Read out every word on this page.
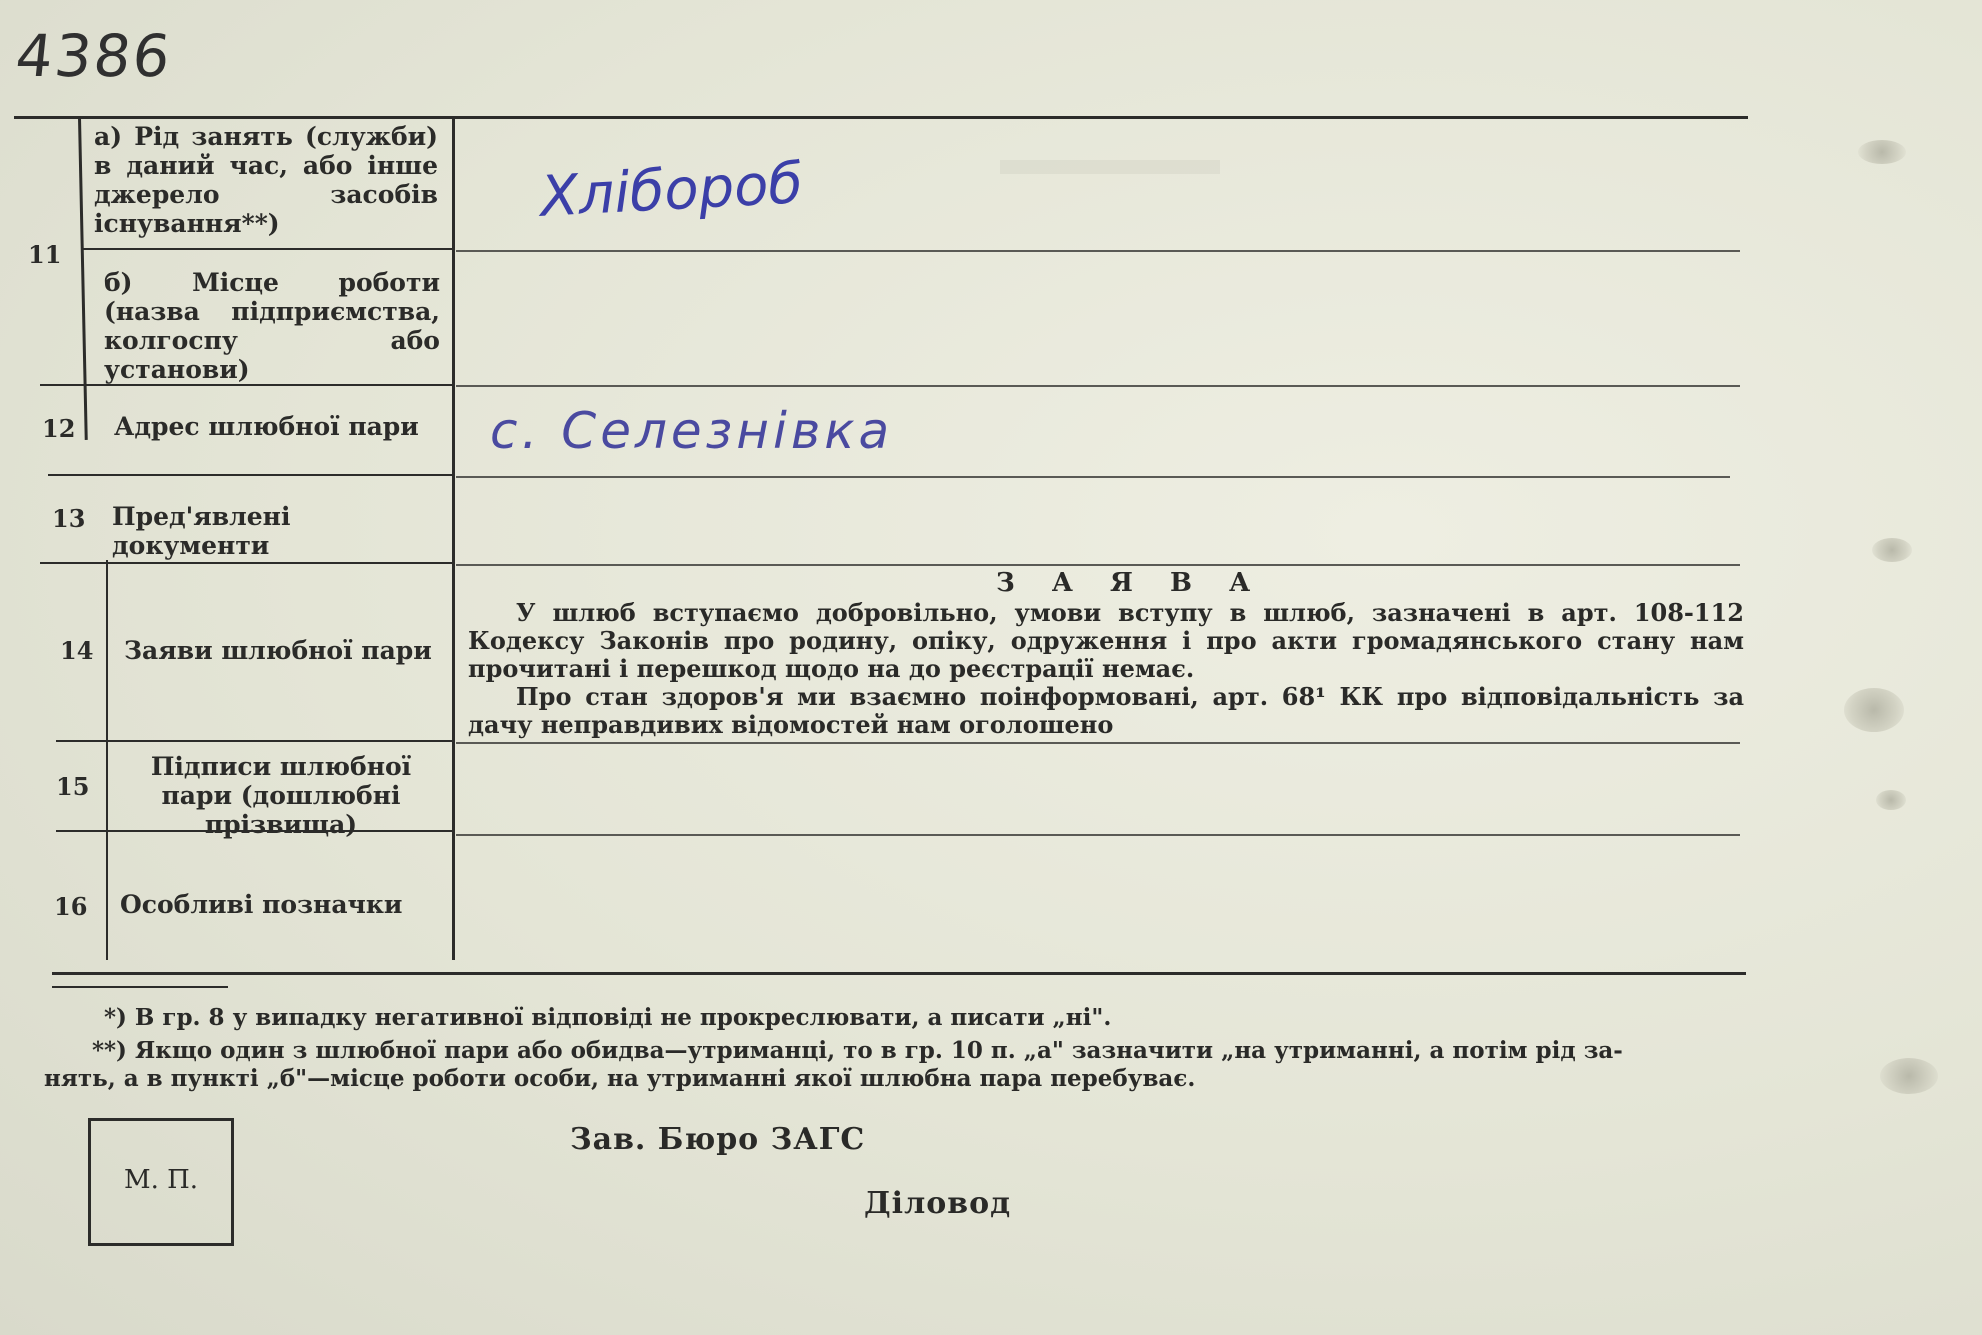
4386
11
а) Рід занять (служби) в даний час, або інше джерело засобів існування**)	Хлібороб
б) Місце роботи (назва підприємства, колгоспу або установи)
12 Адрес шлюбної пари	с. Селезнівка
13 Пред'явлені документи
14 Заяви шлюбної пари
З А Я В А
У шлюб вступаємо добровільно, умови вступу в шлюб, зазначені в арт. 108-112 Кодексу Законів про родину, опіку, одруження і про акти громадянського стану нам прочитані і перешкод щодо на до реєстрації немає.
Про стан здоров'я ми взаємно поінформовані, арт. 68¹ КК про відповідальність за дачу неправдивих відомостей нам оголошено
15
Підписи шлюбної пари (дошлюбні прізвища)
16 Особливі позначки
*) В гр. 8 у випадку негативної відповіді не прокреслювати, а писати „ні".
**) Якщо один з шлюбної пари або обидва—утриманці, то в гр. 10 п. „а" зазначити „на утриманні, а потім рід за-
нять, а в пункті „б"—місце роботи особи, на утриманні якої шлюбна пара перебуває.
М. П.
Зав. Бюро ЗАГС
Діловод
